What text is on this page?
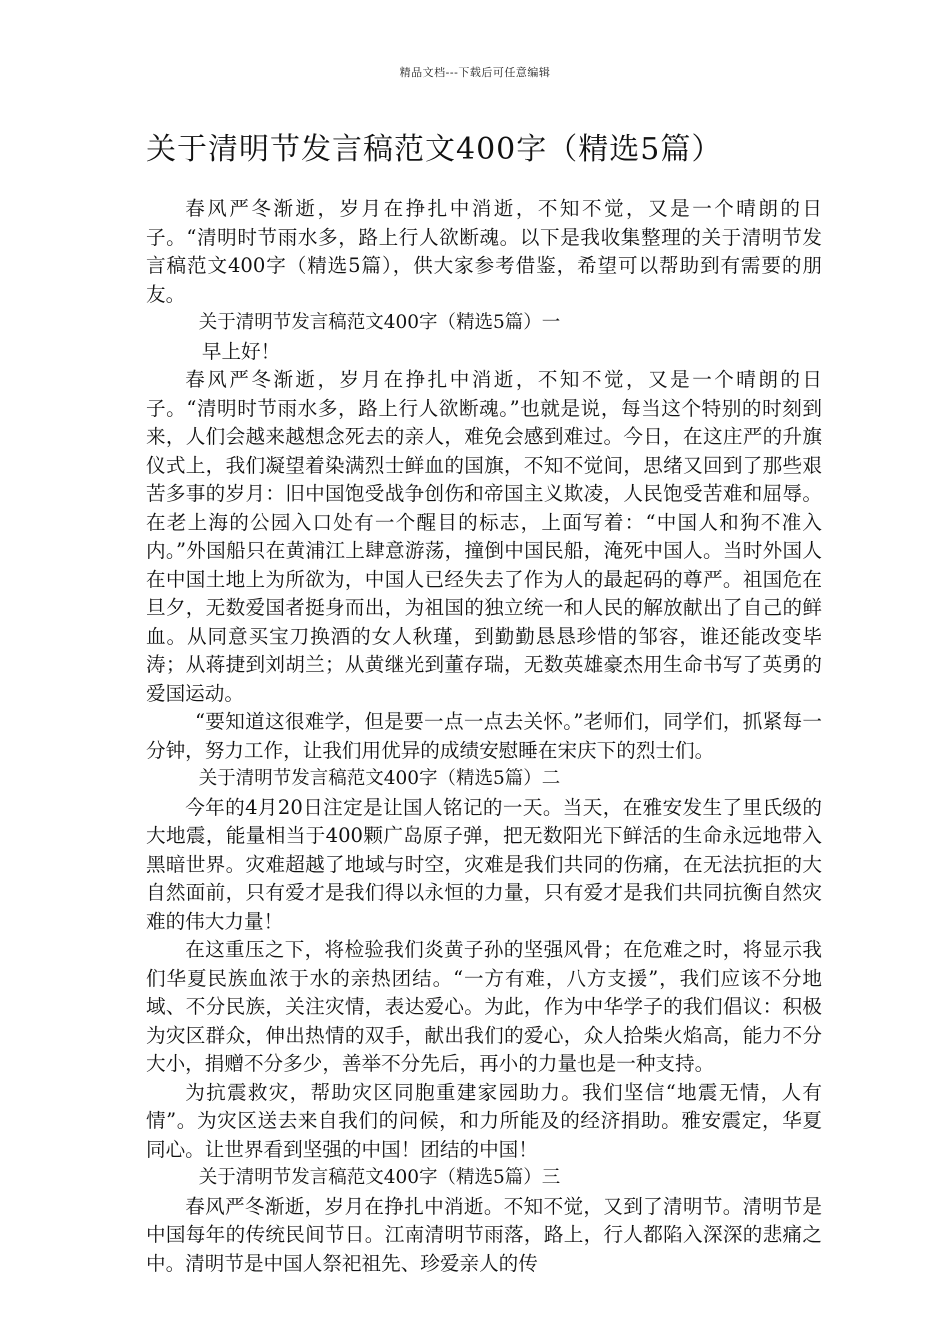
精品文档---下载后可任意编辑
关于清明节发言稿范文400字（精选5篇）

春风严冬渐逝，岁月在挣扎中消逝，不知不觉，又是一个晴朗的日子。“清明时节雨水多，路上行人欲断魂。以下是我收集整理的关于清明节发言稿范文400字（精选5篇），供大家参考借鉴，希望可以帮助到有需要的朋友。

关于清明节发言稿范文400字（精选5篇）一

早上好！

春风严冬渐逝，岁月在挣扎中消逝，不知不觉，又是一个晴朗的日子。“清明时节雨水多，路上行人欲断魂。”也就是说，每当这个特别的时刻到来，人们会越来越想念死去的亲人，难免会感到难过。今日，在这庄严的升旗仪式上，我们凝望着染满烈士鲜血的国旗，不知不觉间，思绪又回到了那些艰苦多事的岁月：旧中国饱受战争创伤和帝国主义欺凌，人民饱受苦难和屈辱。在老上海的公园入口处有一个醒目的标志，上面写着：“中国人和狗不准入内。”外国船只在黄浦江上肆意游荡，撞倒中国民船，淹死中国人。当时外国人在中国土地上为所欲为，中国人已经失去了作为人的最起码的尊严。祖国危在旦夕，无数爱国者挺身而出，为祖国的独立统一和人民的解放献出了自己的鲜血。从同意买宝刀换酒的女人秋瑾，到勤勤恳恳珍惜的邹容，谁还能改变毕涛；从蒋捷到刘胡兰；从黄继光到董存瑞，无数英雄豪杰用生命书写了英勇的爱国运动。

“要知道这很难学，但是要一点一点去关怀。”老师们，同学们，抓紧每一分钟，努力工作，让我们用优异的成绩安慰睡在宋庆下的烈士们。

关于清明节发言稿范文400字（精选5篇）二

今年的4月20日注定是让国人铭记的一天。当天，在雅安发生了里氏级的大地震，能量相当于400颗广岛原子弹，把无数阳光下鲜活的生命永远地带入黑暗世界。灾难超越了地域与时空，灾难是我们共同的伤痛，在无法抗拒的大自然面前，只有爱才是我们得以永恒的力量，只有爱才是我们共同抗衡自然灾难的伟大力量！

在这重压之下，将检验我们炎黄子孙的坚强风骨；在危难之时，将显示我们华夏民族血浓于水的亲热团结。“一方有难，八方支援”，我们应该不分地域、不分民族，关注灾情，表达爱心。为此，作为中华学子的我们倡议：积极为灾区群众，伸出热情的双手，献出我们的爱心，众人拾柴火焰高，能力不分大小，捐赠不分多少，善举不分先后，再小的力量也是一种支持。

为抗震救灾，帮助灾区同胞重建家园助力。我们坚信“地震无情，人有情”。为灾区送去来自我们的问候，和力所能及的经济捐助。雅安震定，华夏同心。让世界看到坚强的中国！团结的中国！

关于清明节发言稿范文400字（精选5篇）三

春风严冬渐逝，岁月在挣扎中消逝。不知不觉，又到了清明节。清明节是中国每年的传统民间节日。江南清明节雨落，路上，行人都陷入深深的悲痛之中。清明节是中国人祭祀祖先、珍爱亲人的传
